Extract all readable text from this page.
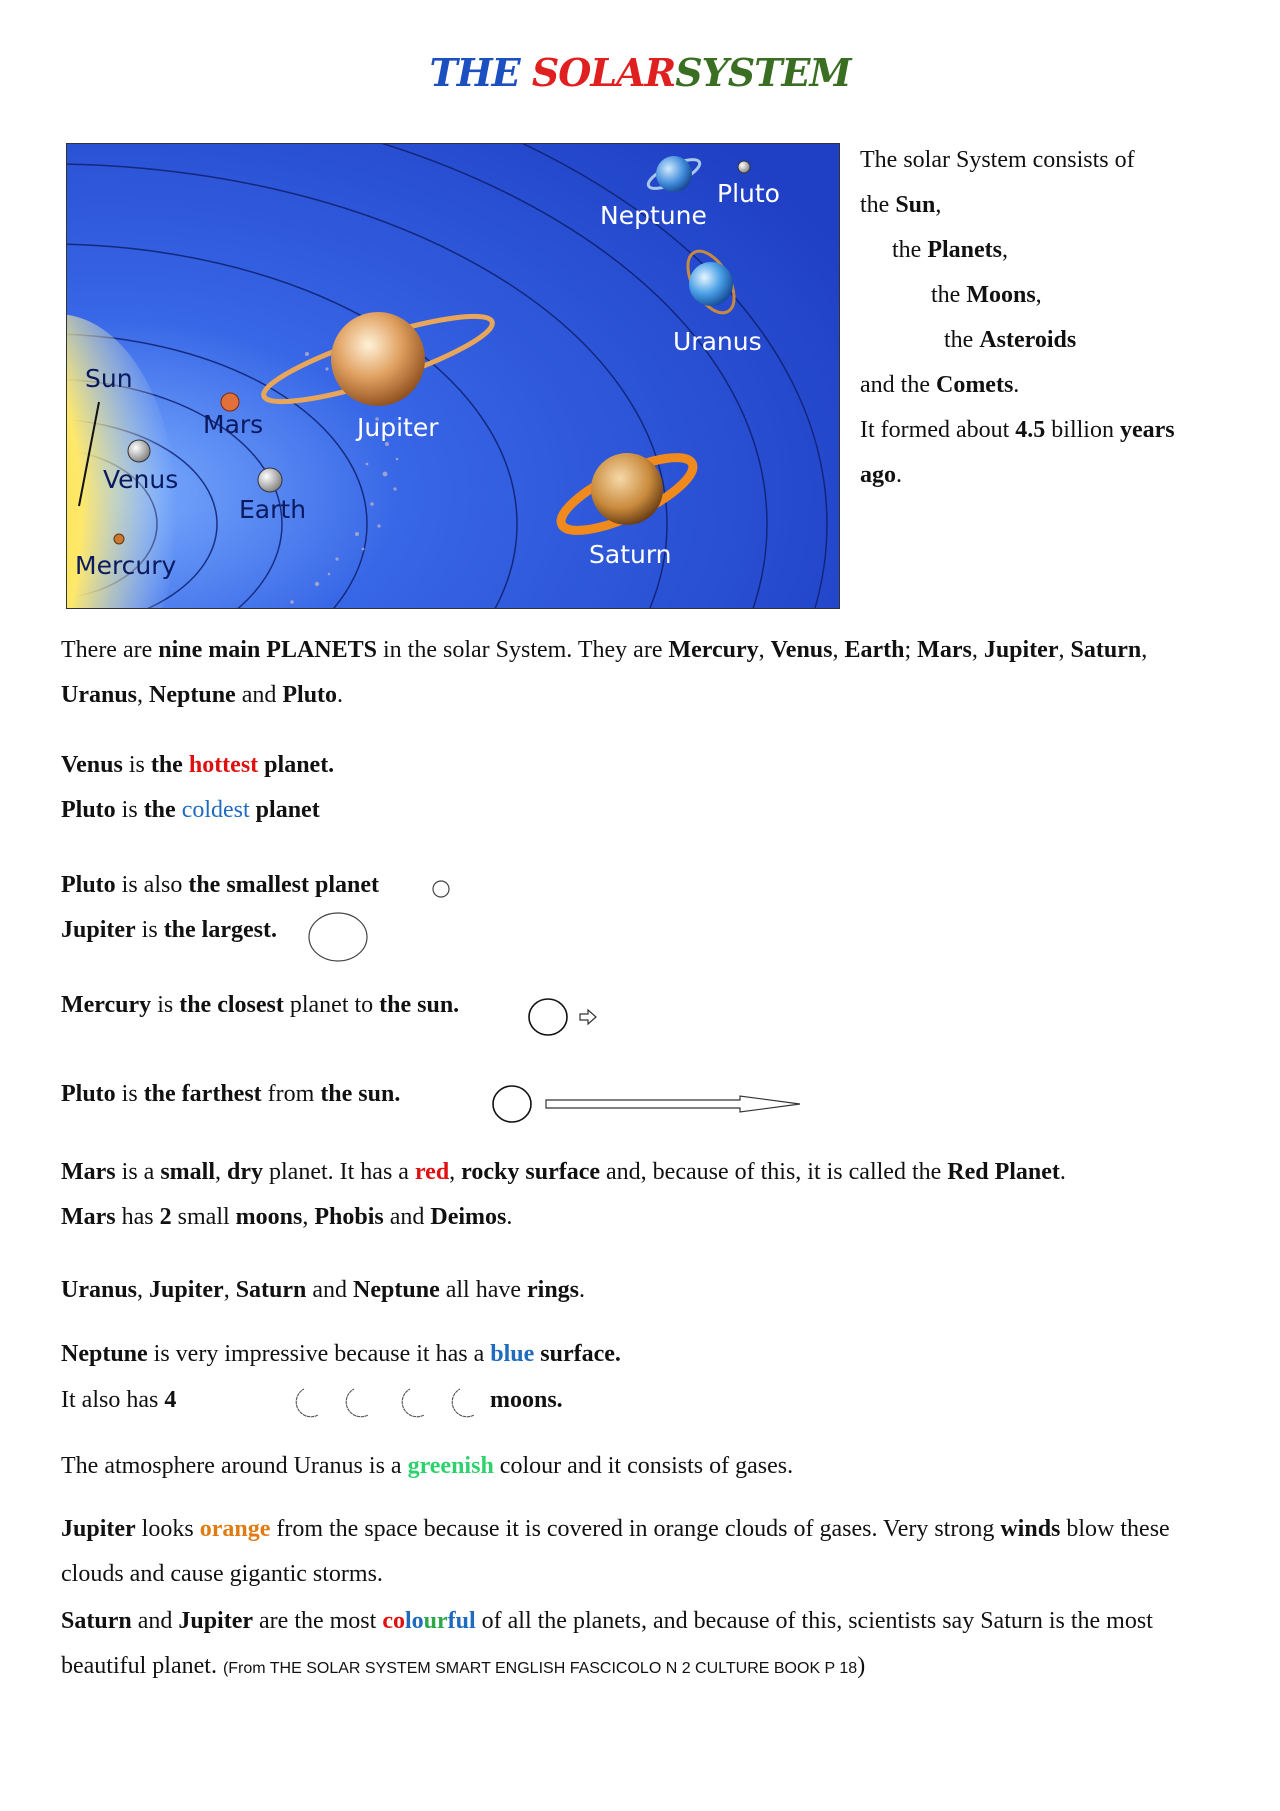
THE SOLARSYSTEM
Sun
Mercury
Venus
Mars
Earth
Jupiter
Saturn
Uranus
Neptune
Pluto
The solar System consists of
the Sun,
the Planets,
the Moons,
the Asteroids
and the Comets.
It formed about 4.5 billion years
ago.
There are nine main PLANETS in the solar System. They are Mercury, Venus, Earth; Mars, Jupiter, Saturn, Uranus, Neptune and Pluto.
Venus is the hottest planet.
Pluto is the coldest planet
Pluto is also the smallest planet
Jupiter is the largest.
Mercury is the closest planet to the sun.
Pluto is the farthest from the sun.
Mars is a small, dry planet. It has a red, rocky surface and, because of this, it is called the Red Planet.
Mars has 2 small moons, Phobis and Deimos.
Uranus, Jupiter, Saturn and Neptune all have rings.
Neptune is very impressive because it has a blue surface.
It also has 4	moons.
The atmosphere around Uranus is a greenish colour and it consists of gases.
Jupiter looks orange from the space because it is covered in orange clouds of gases. Very strong winds blow these clouds and cause gigantic storms.
Saturn and Jupiter are the most colourful of all the planets, and because of this, scientists say Saturn is the most beautiful planet. (From THE SOLAR SYSTEM SMART ENGLISH FASCICOLO N 2 CULTURE BOOK P 18)
